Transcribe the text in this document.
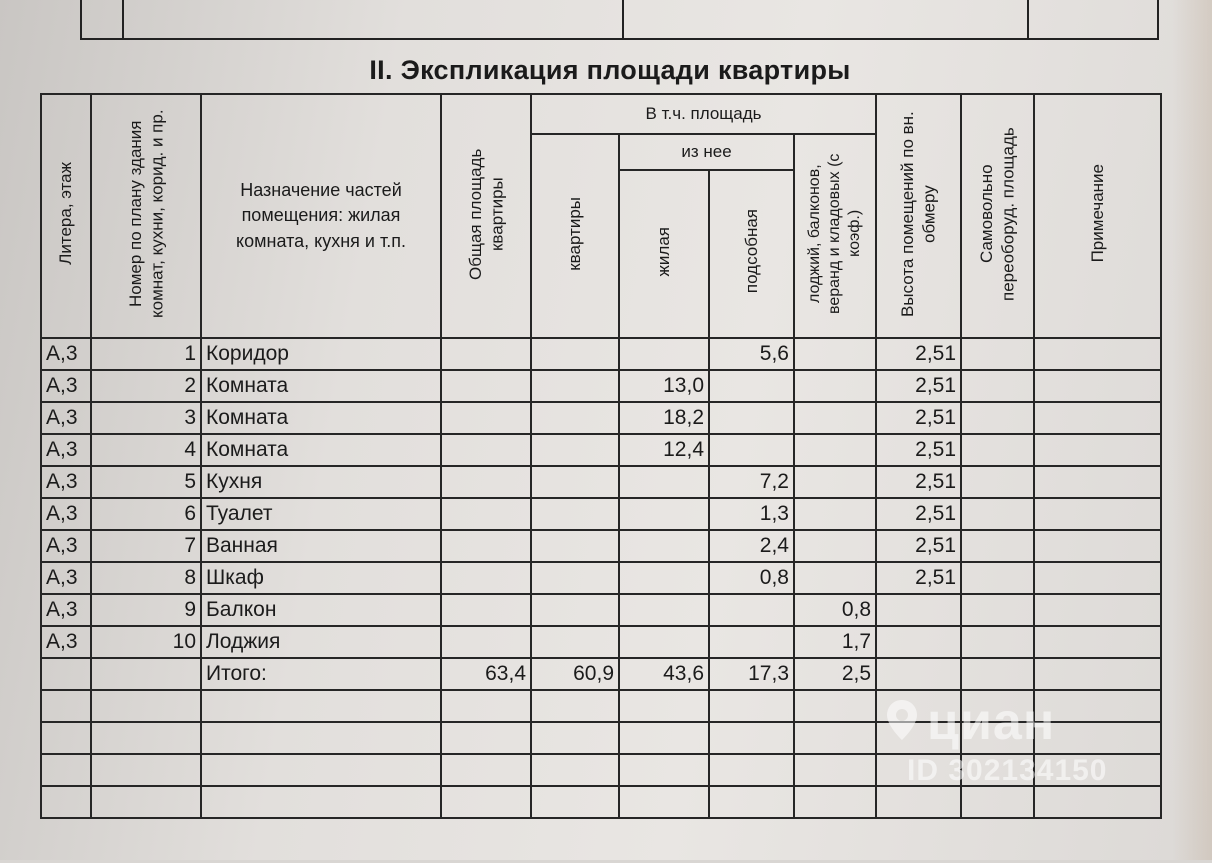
II. Экспликация площади квартиры
Литера, этаж	Номер по плану здания комнат, кухни, корид. и пр.	Назначение частей помещения: жилая комната, кухня и т.п.	Общая площадь квартиры	В т.ч. площадь				Высота помещений по вн. обмеру	Самовольно переоборуд. площадь	Примечание
				квартиры	из нее		лоджий, балконов, веранд и кладовых (с коэф.)			
					жилая	подсобная				
А,3	1	Коридор				5,6		2,51		
А,3	2	Комната			13,0			2,51		
А,3	3	Комната			18,2			2,51		
А,3	4	Комната			12,4			2,51		
А,3	5	Кухня				7,2		2,51		
А,3	6	Туалет				1,3		2,51		
А,3	7	Ванная				2,4		2,51		
А,3	8	Шкаф				0,8		2,51		
А,3	9	Балкон					0,8			
А,3	10	Лоджия					1,7			
		Итого:	63,4	60,9	43,6	17,3	2,5			

циан
ID 302134150
